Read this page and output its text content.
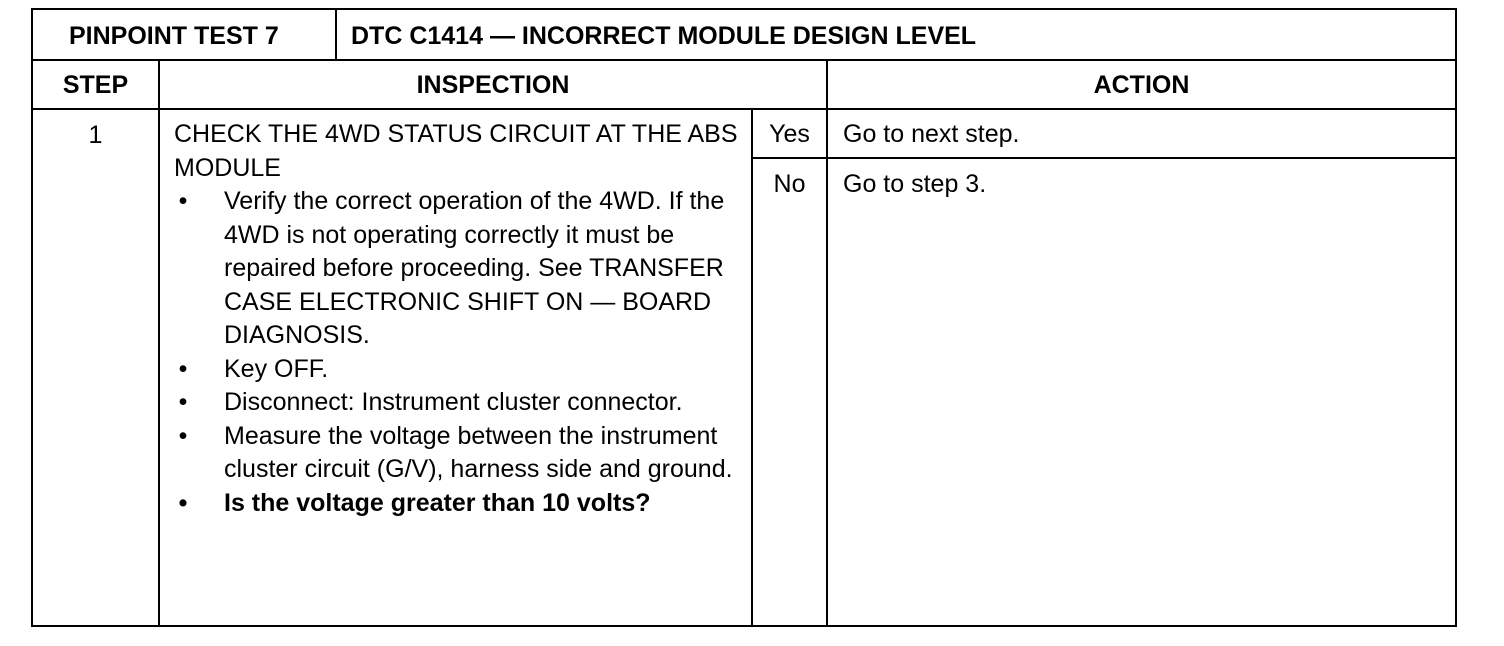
PINPOINT TEST 7	DTC C1414 — INCORRECT MODULE DESIGN LEVEL
STEP	INSPECTION	ACTION
1	CHECK THE 4WD STATUS CIRCUIT AT THE ABS MODULE

• Verify the correct operation of the 4WD. If the 4WD is not operating correctly it must be repaired before proceeding. See TRANSFER CASE ELECTRONIC SHIFT ON — BOARD DIAGNOSIS.
• Key OFF.
• Disconnect: Instrument cluster connector.
• Measure the voltage between the instrument cluster circuit (G/V), harness side and ground.
• Is the voltage greater than 10 volts?
Yes	Go to next step.
No	Go to step 3.
